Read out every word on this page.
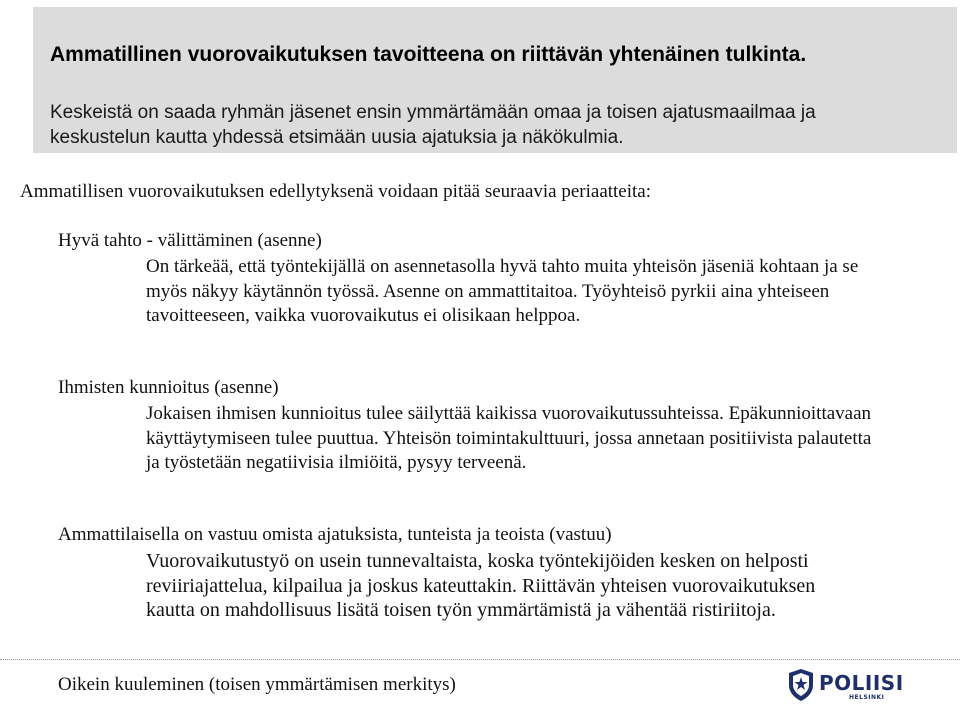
Ammatillinen vuorovaikutuksen tavoitteena on riittävän yhtenäinen tulkinta.

Keskeistä on saada ryhmän jäsenet ensin ymmärtämään omaa ja toisen ajatusmaailmaa ja keskustelun kautta yhdessä etsimään uusia ajatuksia ja näkökulmia.

Ammatillisen vuorovaikutuksen edellytyksenä voidaan pitää seuraavia periaatteita:

Hyvä tahto - välittäminen (asenne)

On tärkeää, että työntekijällä on asennetasolla hyvä tahto muita yhteisön jäseniä kohtaan ja se myös näkyy käytännön työssä. Asenne on ammattitaitoa. Työyhteisö pyrkii aina yhteiseen tavoitteeseen, vaikka vuorovaikutus ei olisikaan helppoa.

Ihmisten kunnioitus (asenne)

Jokaisen ihmisen kunnioitus tulee säilyttää kaikissa vuorovaikutussuhteissa. Epäkunnioittavaan käyttäytymiseen tulee puuttua. Yhteisön toimintakulttuuri, jossa annetaan positiivista palautetta ja työstetään negatiivisia ilmiöitä, pysyy terveenä.

Ammattilaisella on vastuu omista ajatuksista, tunteista ja teoista (vastuu)

Vuorovaikutustyö on usein tunnevaltaista, koska työntekijöiden kesken on helposti reviiriajattelua, kilpailua ja joskus kateuttakin. Riittävän yhteisen vuorovaikutuksen kautta on mahdollisuus lisätä toisen työn ymmärtämistä ja vähentää ristiriitoja.

Oikein kuuleminen (toisen ymmärtämisen merkitys)	POLIISI
HELSINKI
